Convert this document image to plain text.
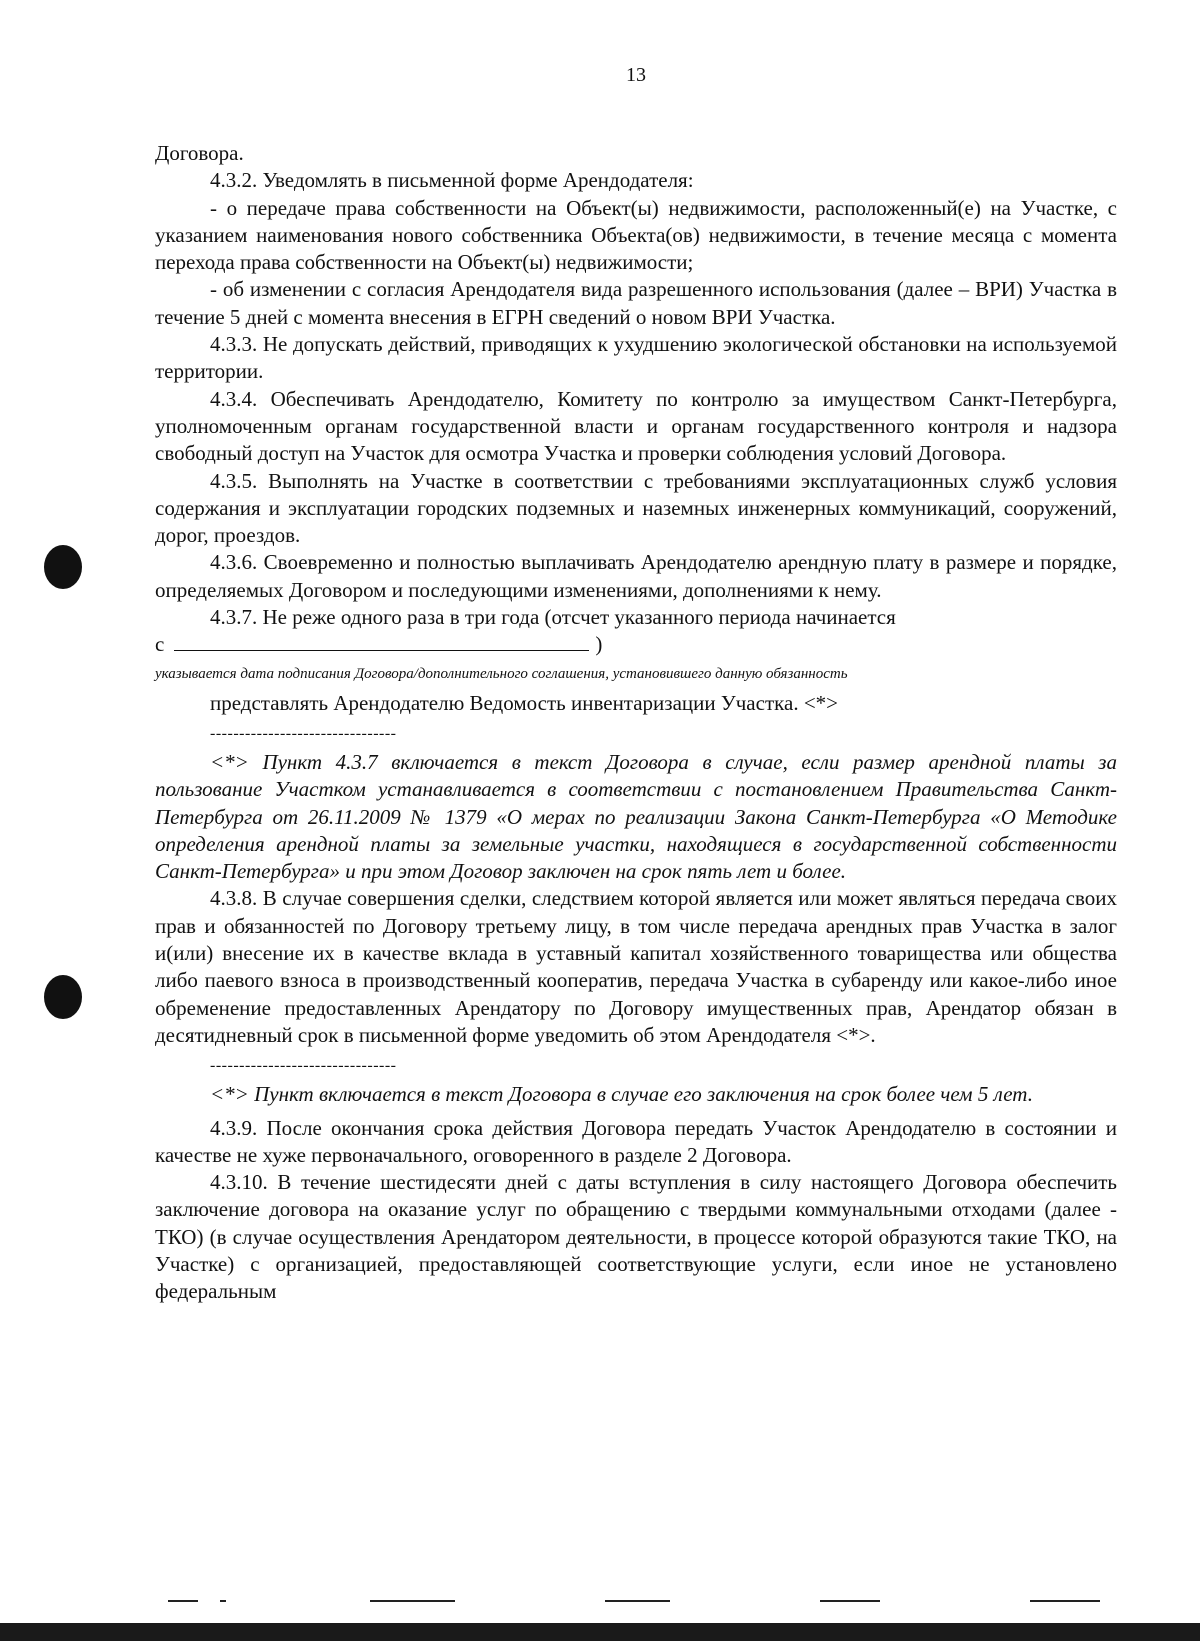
13

Договора.

4.3.2. Уведомлять в письменной форме Арендодателя:

- о передаче права собственности на Объект(ы) недвижимости, расположенный(е) на Участке, с указанием наименования нового собственника Объекта(ов) недвижимости, в течение месяца с момента перехода права собственности на Объект(ы) недвижимости;

- об изменении с согласия Арендодателя вида разрешенного использования (далее – ВРИ) Участка в течение 5 дней с момента внесения в ЕГРН сведений о новом ВРИ Участка.

4.3.3. Не допускать действий, приводящих к ухудшению экологической обстановки на используемой территории.

4.3.4. Обеспечивать Арендодателю, Комитету по контролю за имуществом Санкт-Петербурга, уполномоченным органам государственной власти и органам государственного контроля и надзора свободный доступ на Участок для осмотра Участка и проверки соблюдения условий Договора.

4.3.5. Выполнять на Участке в соответствии с требованиями эксплуатационных служб условия содержания и эксплуатации городских подземных и наземных инженерных коммуникаций, сооружений, дорог, проездов.

4.3.6. Своевременно и полностью выплачивать Арендодателю арендную плату в размере и порядке, определяемых Договором и последующими изменениями, дополнениями к нему.

4.3.7. Не реже одного раза в три года (отсчет указанного периода начинается

с	)

указывается дата подписания Договора/дополнительного соглашения, установившего данную обязанность

представлять Арендодателю Ведомость инвентаризации Участка. <*>

--------------------------------

<*> Пункт 4.3.7 включается в текст Договора в случае, если размер арендной платы за пользование Участком устанавливается в соответствии с постановлением Правительства Санкт-Петербурга от 26.11.2009 № 1379 «О мерах по реализации Закона Санкт-Петербурга «О Методике определения арендной платы за земельные участки, находящиеся в государственной собственности Санкт-Петербурга» и при этом Договор заключен на срок пять лет и более.

4.3.8. В случае совершения сделки, следствием которой является или может являться передача своих прав и обязанностей по Договору третьему лицу, в том числе передача арендных прав Участка в залог и(или) внесение их в качестве вклада в уставный капитал хозяйственного товарищества или общества либо паевого взноса в производственный кооператив, передача Участка в субаренду или какое-либо иное обременение предоставленных Арендатору по Договору имущественных прав, Арендатор обязан в десятидневный срок в письменной форме уведомить об этом Арендодателя <*>.

--------------------------------

<*> Пункт включается в текст Договора в случае его заключения на срок более чем 5 лет.

4.3.9. После окончания срока действия Договора передать Участок Арендодателю в состоянии и качестве не хуже первоначального, оговоренного в разделе 2 Договора.

4.3.10. В течение шестидесяти дней с даты вступления в силу настоящего Договора обеспечить заключение договора на оказание услуг по обращению с твердыми коммунальными отходами (далее - ТКО) (в случае осуществления Арендатором деятельности, в процессе которой образуются такие ТКО, на Участке) с организацией, предоставляющей соответствующие услуги, если иное не установлено федеральным
